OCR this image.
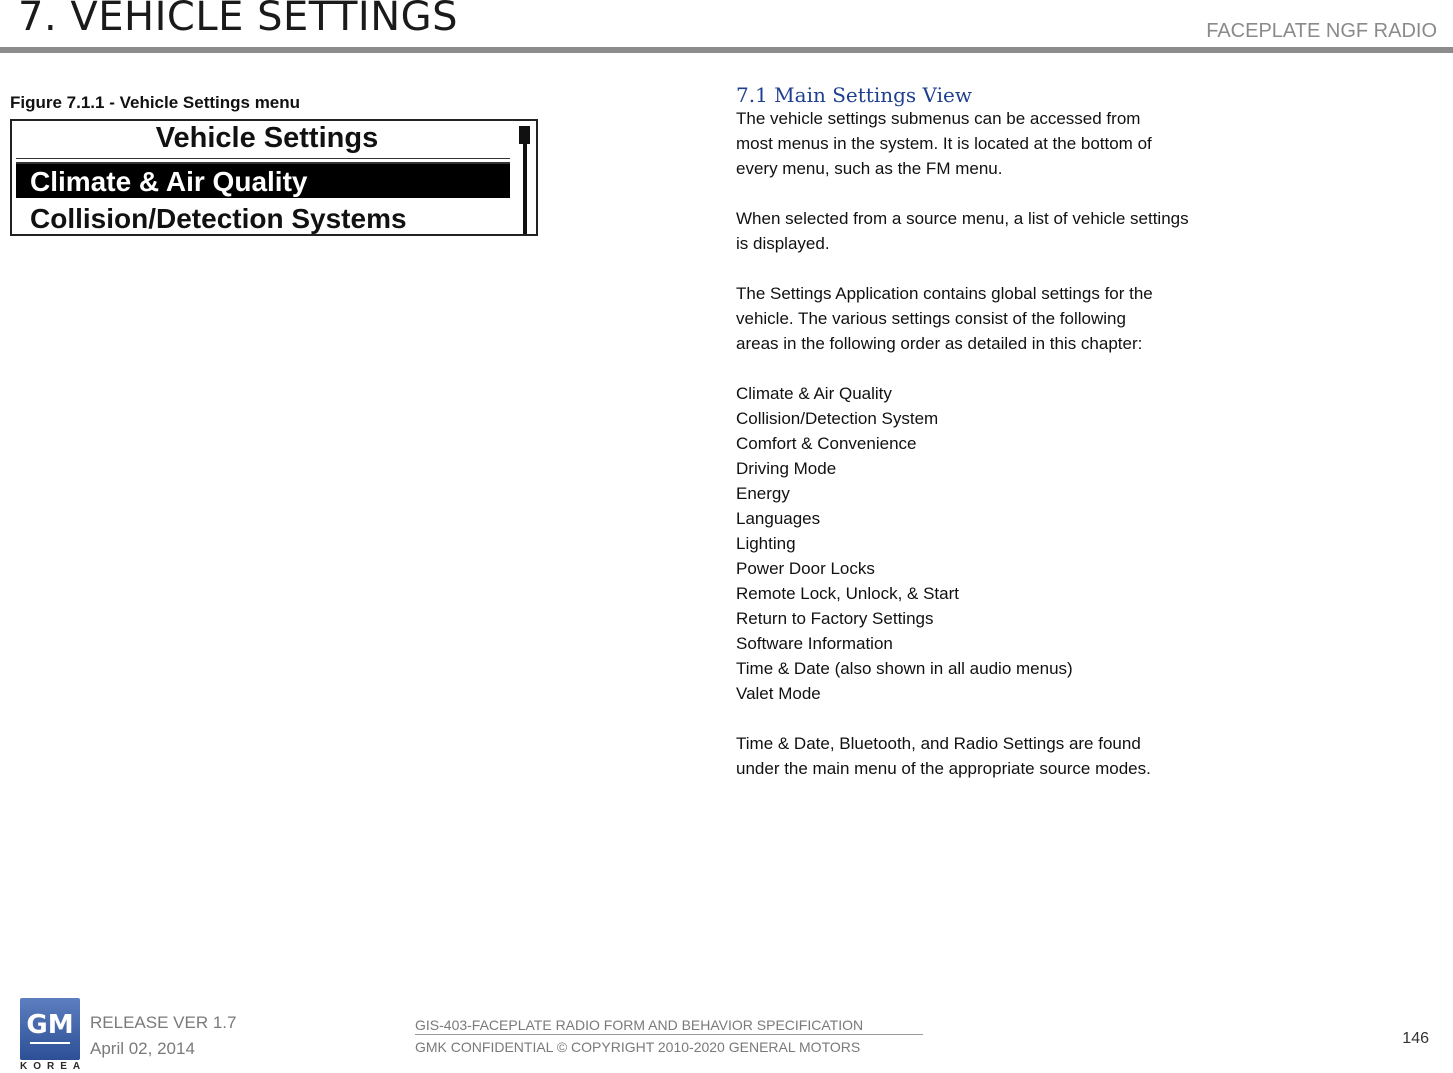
7. VEHICLE SETTINGS	FACEPLATE NGF RADIO
Figure 7.1.1 - Vehicle Settings menu
Vehicle Settings
Climate & Air Quality
Collision/Detection Systems
7.1 Main Settings View
The vehicle settings submenus can be accessed from
most menus in the system. It is located at the bottom of
every menu, such as the FM menu.
When selected from a source menu, a list of vehicle settings
is displayed.
The Settings Application contains global settings for the
vehicle. The various settings consist of the following
areas in the following order as detailed in this chapter:
Climate & Air Quality
Collision/Detection System
Comfort & Convenience
Driving Mode
Energy
Languages
Lighting
Power Door Locks
Remote Lock, Unlock, & Start
Return to Factory Settings
Software Information
Time & Date (also shown in all audio menus)
Valet Mode
Time & Date, Bluetooth, and Radio Settings are found
under the main menu of the appropriate source modes.
GM
KOREA
RELEASE VER 1.7
April 02, 2014
GIS-403-FACEPLATE RADIO FORM AND BEHAVIOR SPECIFICATION
GMK CONFIDENTIAL © COPYRIGHT 2010-2020 GENERAL MOTORS	146
